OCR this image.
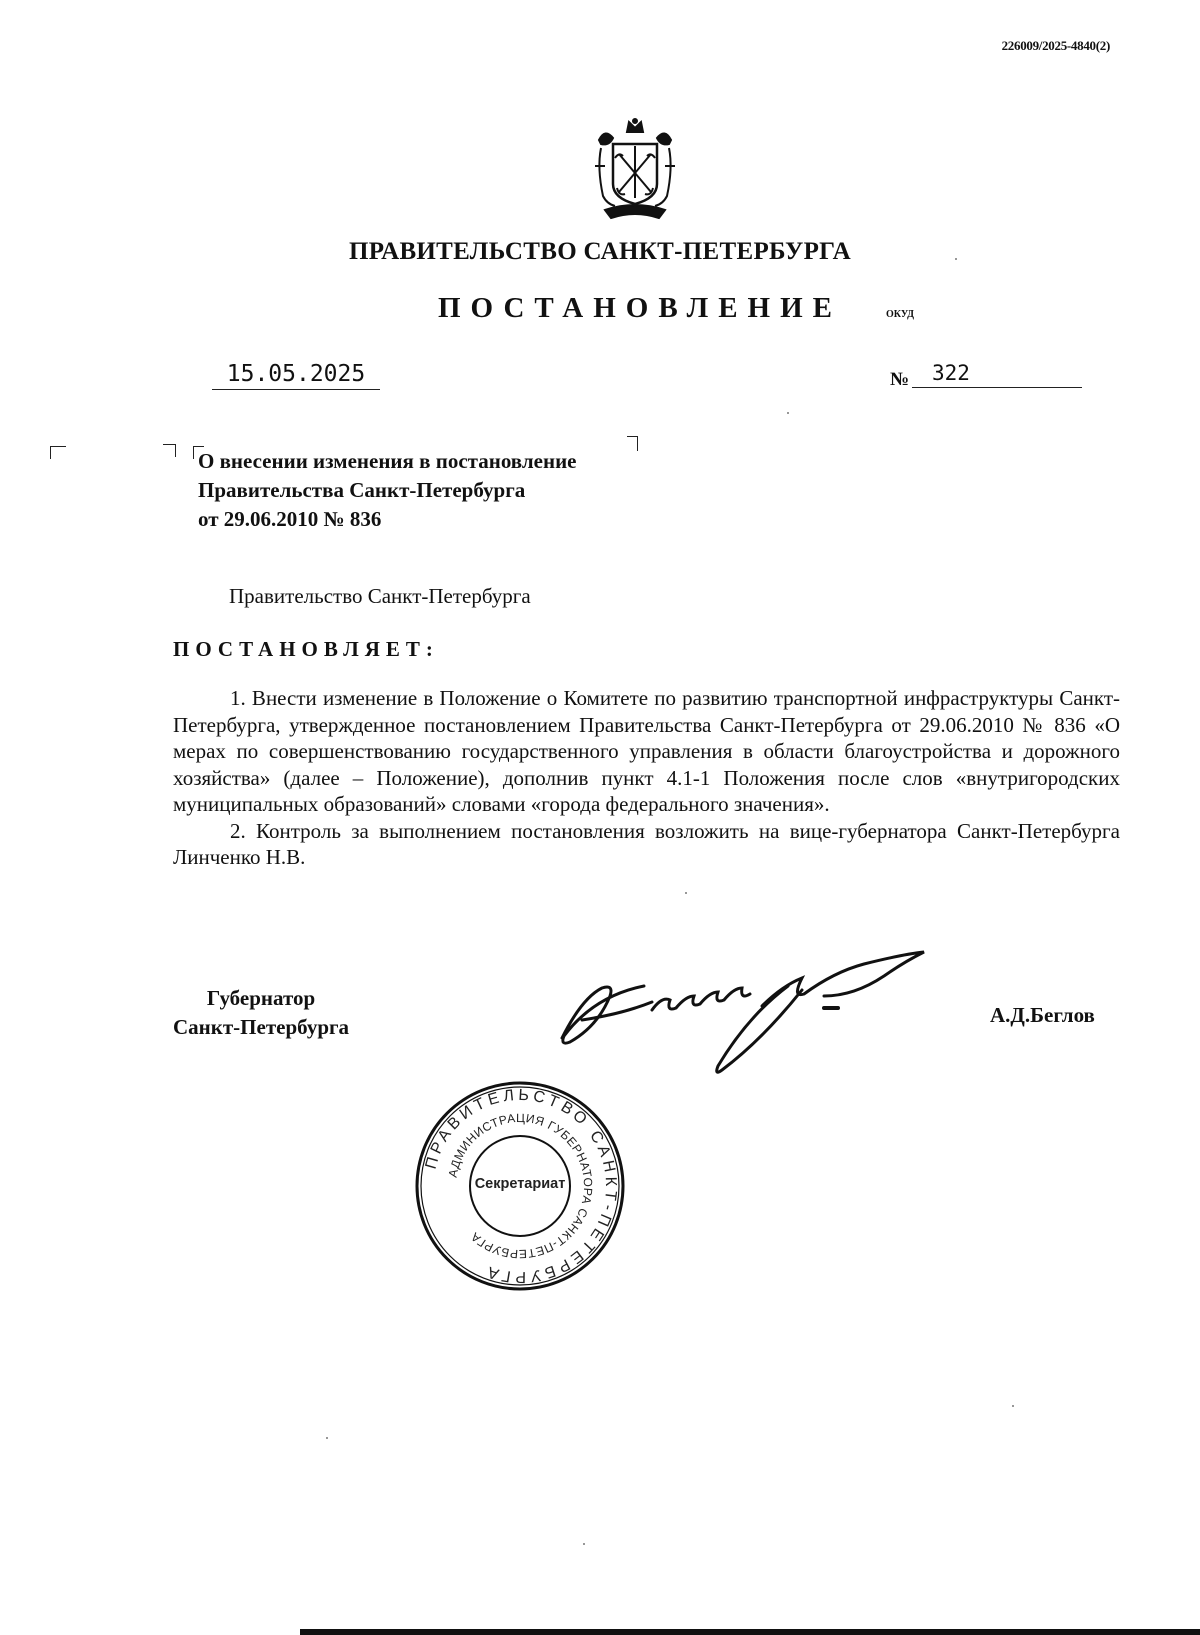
226009/2025-4840(2)
ПРАВИТЕЛЬСТВО САНКТ-ПЕТЕРБУРГА
ПОСТАНОВЛЕНИЕ	ОКУД
15.05.2025	№	322
О внесении изменения в постановление
Правительства Санкт-Петербурга
от 29.06.2010 № 836
Правительство Санкт-Петербурга
ПОСТАНОВЛЯЕТ:

1. Внести изменение в Положение о Комитете по развитию транспортной инфраструктуры Санкт-Петербурга, утвержденное постановлением Правительства Санкт-Петербурга от 29.06.2010 № 836 «О мерах по совершенствованию государственного управления в области благоустройства и дорожного хозяйства» (далее – Положение), дополнив пункт 4.1-1 Положения после слов «внутригородских муниципальных образований» словами «города федерального значения».

2. Контроль за выполнением постановления возложить на вице-губернатора Санкт-Петербурга Линченко Н.В.

Губернатор
Санкт-Петербурга	А.Д.Беглов
ПРАВИТЕЛЬСТВО САНКТ-ПЕТЕРБУРГА
АДМИНИСТРАЦИЯ ГУБЕРНАТОРА САНКТ-ПЕТЕРБУРГА
Секретариат
